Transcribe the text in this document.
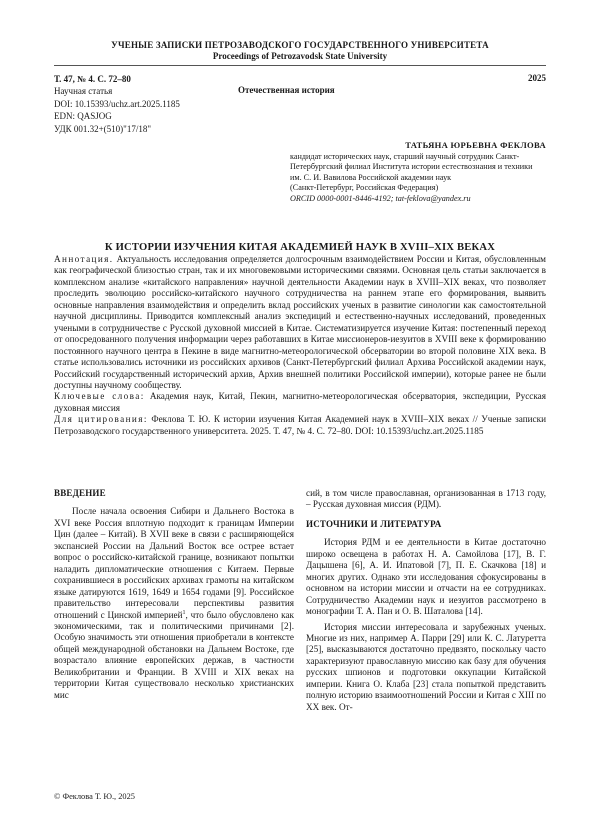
УЧЕНЫЕ ЗАПИСКИ ПЕТРОЗАВОДСКОГО ГОСУДАРСТВЕННОГО УНИВЕРСИТЕТА
Proceedings of Petrozavodsk State University
Т. 47, № 4. С. 72–80
Научная статья
DOI: 10.15393/uchz.art.2025.1185
EDN: QASJOG
УДК 001.32+(510)"17/18"
2025
Отечественная история
ТАТЬЯНА ЮРЬЕВНА ФЕКЛОВА
кандидат исторических наук, старший научный сотрудник Санкт-Петербургский филиал Института истории естествознания и техники им. С. И. Вавилова Российской академии наук
(Санкт-Петербург, Российская Федерация)
ORCID 0000-0001-8446-4192; tat-feklova@yandex.ru
К ИСТОРИИ ИЗУЧЕНИЯ КИТАЯ АКАДЕМИЕЙ НАУК В XVIII–XIX ВЕКАХ

Аннотация. Актуальность исследования определяется долгосрочным взаимодействием России и Китая, обусловленным как географической близостью стран, так и их многовековыми историческими связями. Основная цель статьи заключается в комплексном анализе «китайского направления» научной деятельности Академии наук в XVIII–XIX веках, что позволяет проследить эволюцию российско-китайского научного сотрудничества на раннем этапе его формирования, выявить основные направления взаимодействия и определить вклад российских ученых в развитие синологии как самостоятельной научной дисциплины. Приводится комплексный анализ экспедиций и естественно-научных исследований, проведенных учеными в сотрудничестве с Русской духовной миссией в Китае. Систематизируется изучение Китая: постепенный переход от опосредованного получения информации через работавших в Китае миссионеров-иезуитов в XVIII веке к формированию постоянного научного центра в Пекине в виде магнитно-метеорологической обсерватории во второй половине XIX века. В статье использовались источники из российских архивов (Санкт-Петербургский филиал Архива Российской академии наук, Российский государственный исторический архив, Архив внешней политики Российской империи), которые ранее не были доступны научному сообществу.

Ключевые слова: Академия наук, Китай, Пекин, магнитно-метеорологическая обсерватория, экспедиции, Русская духовная миссия

Для цитирования: Феклова Т. Ю. К истории изучения Китая Академией наук в XVIII–XIX веках // Ученые записки Петрозаводского государственного университета. 2025. Т. 47, № 4. С. 72–80. DOI: 10.15393/uchz.art.2025.1185

ВВЕДЕНИЕ

После начала освоения Сибири и Дальнего Востока в XVI веке Россия вплотную подходит к границам Империи Цин (далее – Китай). В XVII веке в связи с расширяющейся экспансией России на Дальний Восток все острее встает вопрос о российско-китайской границе, возникают попытки наладить дипломатические отношения с Китаем. Первые сохранившиеся в российских архивах грамоты на китайском языке датируются 1619, 1649 и 1654 годами [9]. Российское правительство интересовали перспективы развития отношений с Цинской империей$^1$, что было обусловлено как экономическими, так и политическими причинами [2]. Особую значимость эти отношения приобретали в контексте общей международной обстановки на Дальнем Востоке, где возрастало влияние европейских держав, в частности Великобритании и Франции. В XVIII и XIX веках на территории Китая существовало несколько христианских мис

сий, в том числе православная, организованная в 1713 году, – Русская духовная миссия (РДМ).

ИСТОЧНИКИ И ЛИТЕРАТУРА

История РДМ и ее деятельности в Китае достаточно широко освещена в работах Н. А. Самойлова [17], В. Г. Дацышена [6], А. И. Ипатовой [7], П. Е. Скачкова [18] и многих других. Однако эти исследования сфокусированы в основном на истории миссии и отчасти на ее сотрудниках. Сотрудничество Академии наук и иезуитов рассмотрено в монографии Т. А. Пан и О. В. Шаталова [14].

История миссии интересовала и зарубежных ученых. Многие из них, например А. Парри [29] или К. С. Латуретта [25], высказываются достаточно предвзято, поскольку часто характеризуют православную миссию как базу для обучения русских шпионов и подготовки оккупации Китайской империи. Книга О. Клаба [23] стала попыткой представить полную историю взаимоотношений России и Китая с XIII по XX век. От-

© Феклова Т. Ю., 2025
